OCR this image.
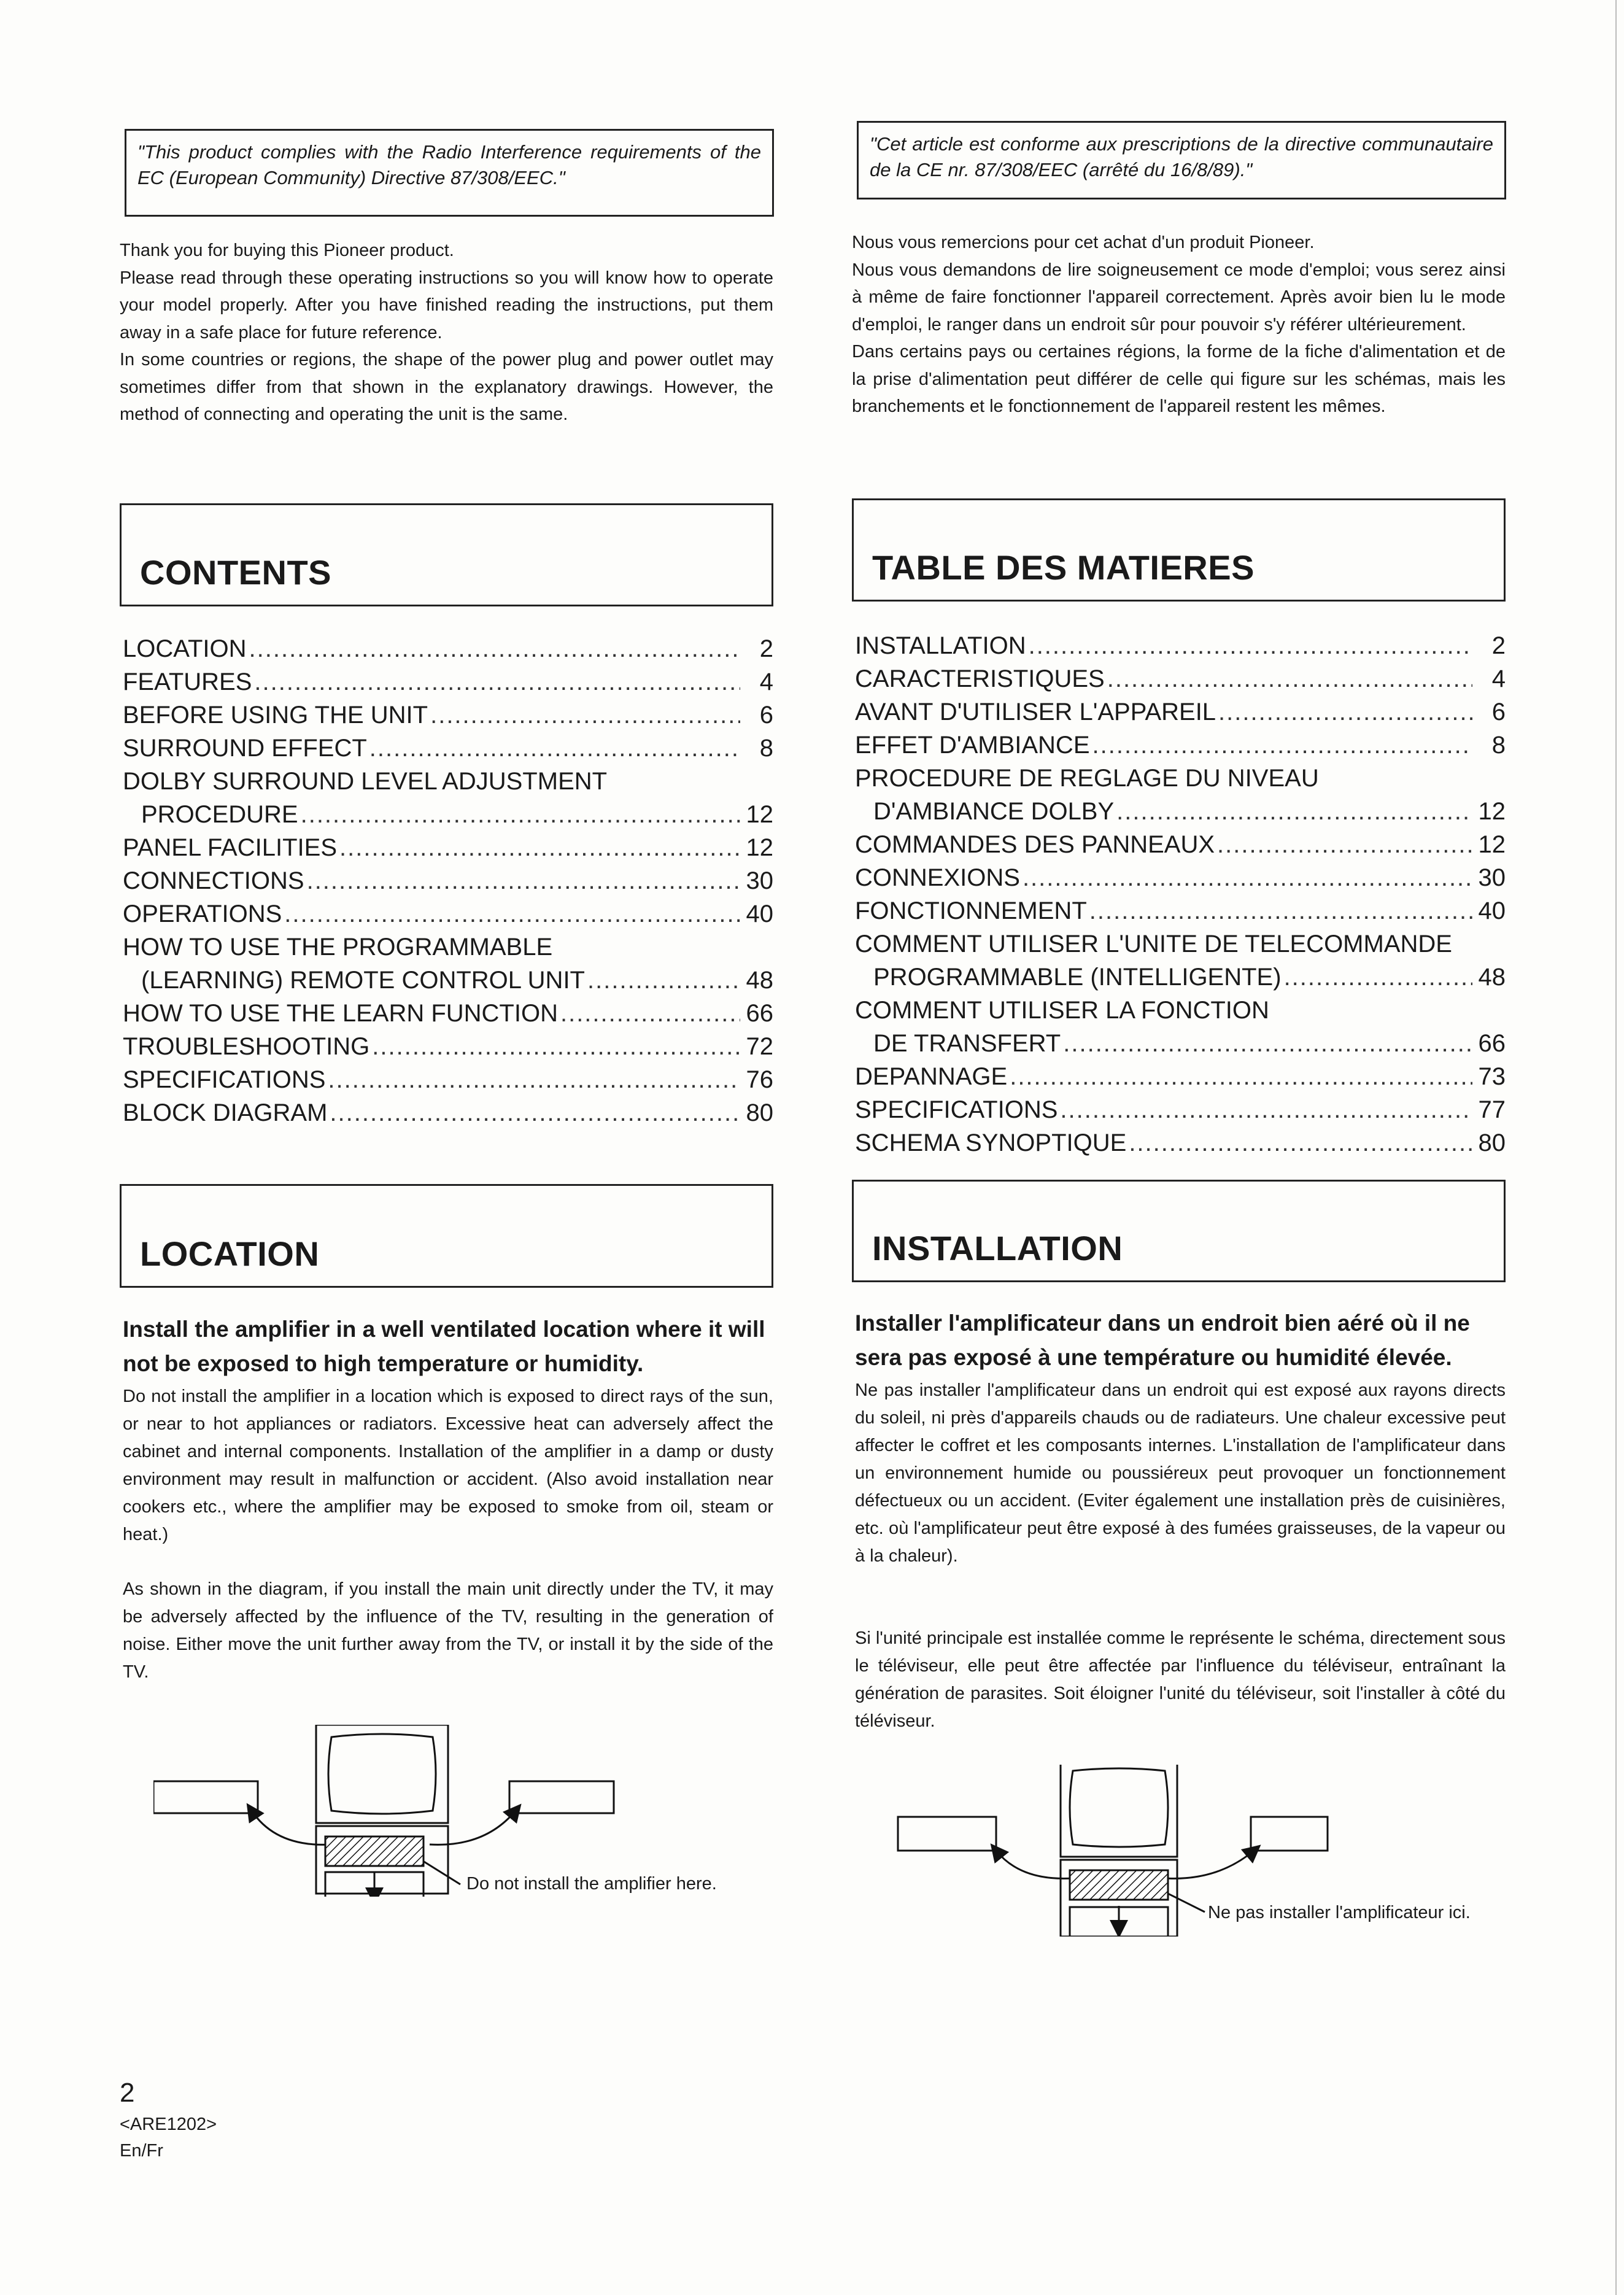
"This product complies with the Radio Interference requirements of the EC (European Community) Directive 87/308/EEC."

Thank you for buying this Pioneer product.

Please read through these operating instructions so you will know how to operate your model properly. After you have finished reading the instructions, put them away in a safe place for future reference.

In some countries or regions, the shape of the power plug and power outlet may sometimes differ from that shown in the explanatory drawings. However, the method of connecting and operating the unit is the same.

CONTENTS
LOCATION .....	2
FEATURES .....	4
BEFORE USING THE UNIT .....	6
SURROUND EFFECT .....	8
DOLBY SURROUND LEVEL ADJUSTMENT
PROCEDURE .....	12
PANEL FACILITIES .....	12
CONNECTIONS .....	30
OPERATIONS .....	40
HOW TO USE THE PROGRAMMABLE
(LEARNING) REMOTE CONTROL UNIT .....	48
HOW TO USE THE LEARN FUNCTION .....	66
TROUBLESHOOTING .....	72
SPECIFICATIONS .....	76
BLOCK DIAGRAM .....	80
LOCATION
Install the amplifier in a well ventilated location where it will not be exposed to high temperature or humidity.
Do not install the amplifier in a location which is exposed to direct rays of the sun, or near to hot appliances or radiators. Excessive heat can adversely affect the cabinet and internal components. Installation of the amplifier in a damp or dusty environment may result in malfunction or accident. (Also avoid installation near cookers etc., where the amplifier may be exposed to smoke from oil, steam or heat.)
As shown in the diagram, if you install the main unit directly under the TV, it may be adversely affected by the influence of the TV, resulting in the generation of noise. Either move the unit further away from the TV, or install it by the side of the TV.
Do not install the amplifier here.
"Cet article est conforme aux prescriptions de la directive communautaire de la CE nr. 87/308/EEC (arrêté du 16/8/89)."

Nous vous remercions pour cet achat d'un produit Pioneer.

Nous vous demandons de lire soigneusement ce mode d'emploi; vous serez ainsi à même de faire fonctionner l'appareil correctement. Après avoir bien lu le mode d'emploi, le ranger dans un endroit sûr pour pouvoir s'y référer ultérieurement.

Dans certains pays ou certaines régions, la forme de la fiche d'alimentation et de la prise d'alimentation peut différer de celle qui figure sur les schémas, mais les branchements et le fonctionnement de l'appareil restent les mêmes.

TABLE DES MATIERES
INSTALLATION .....	2
CARACTERISTIQUES .....	4
AVANT D'UTILISER L'APPAREIL .....	6
EFFET D'AMBIANCE .....	8
PROCEDURE DE REGLAGE DU NIVEAU
D'AMBIANCE DOLBY .....	12
COMMANDES DES PANNEAUX .....	12
CONNEXIONS .....	30
FONCTIONNEMENT .....	40
COMMENT UTILISER L'UNITE DE TELECOMMANDE
PROGRAMMABLE (INTELLIGENTE) .....	48
COMMENT UTILISER LA FONCTION
DE TRANSFERT .....	66
DEPANNAGE .....	73
SPECIFICATIONS .....	77
SCHEMA SYNOPTIQUE .....	80
INSTALLATION
Installer l'amplificateur dans un endroit bien aéré où il ne sera pas exposé à une température ou humidité élevée.
Ne pas installer l'amplificateur dans un endroit qui est exposé aux rayons directs du soleil, ni près d'appareils chauds ou de radiateurs. Une chaleur excessive peut affecter le coffret et les composants internes. L'installation de l'amplificateur dans un environnement humide ou poussiéreux peut provoquer un fonctionnement défectueux ou un accident. (Eviter également une installation près de cuisinières, etc. où l'amplificateur peut être exposé à des fumées graisseuses, de la vapeur ou à la chaleur).
Si l'unité principale est installée comme le représente le schéma, directement sous le téléviseur, elle peut être affectée par l'influence du téléviseur, entraînant la génération de parasites. Soit éloigner l'unité du téléviseur, soit l'installer à côté du téléviseur.
Ne pas installer l'amplificateur ici.
2
<ARE1202>
En/Fr
